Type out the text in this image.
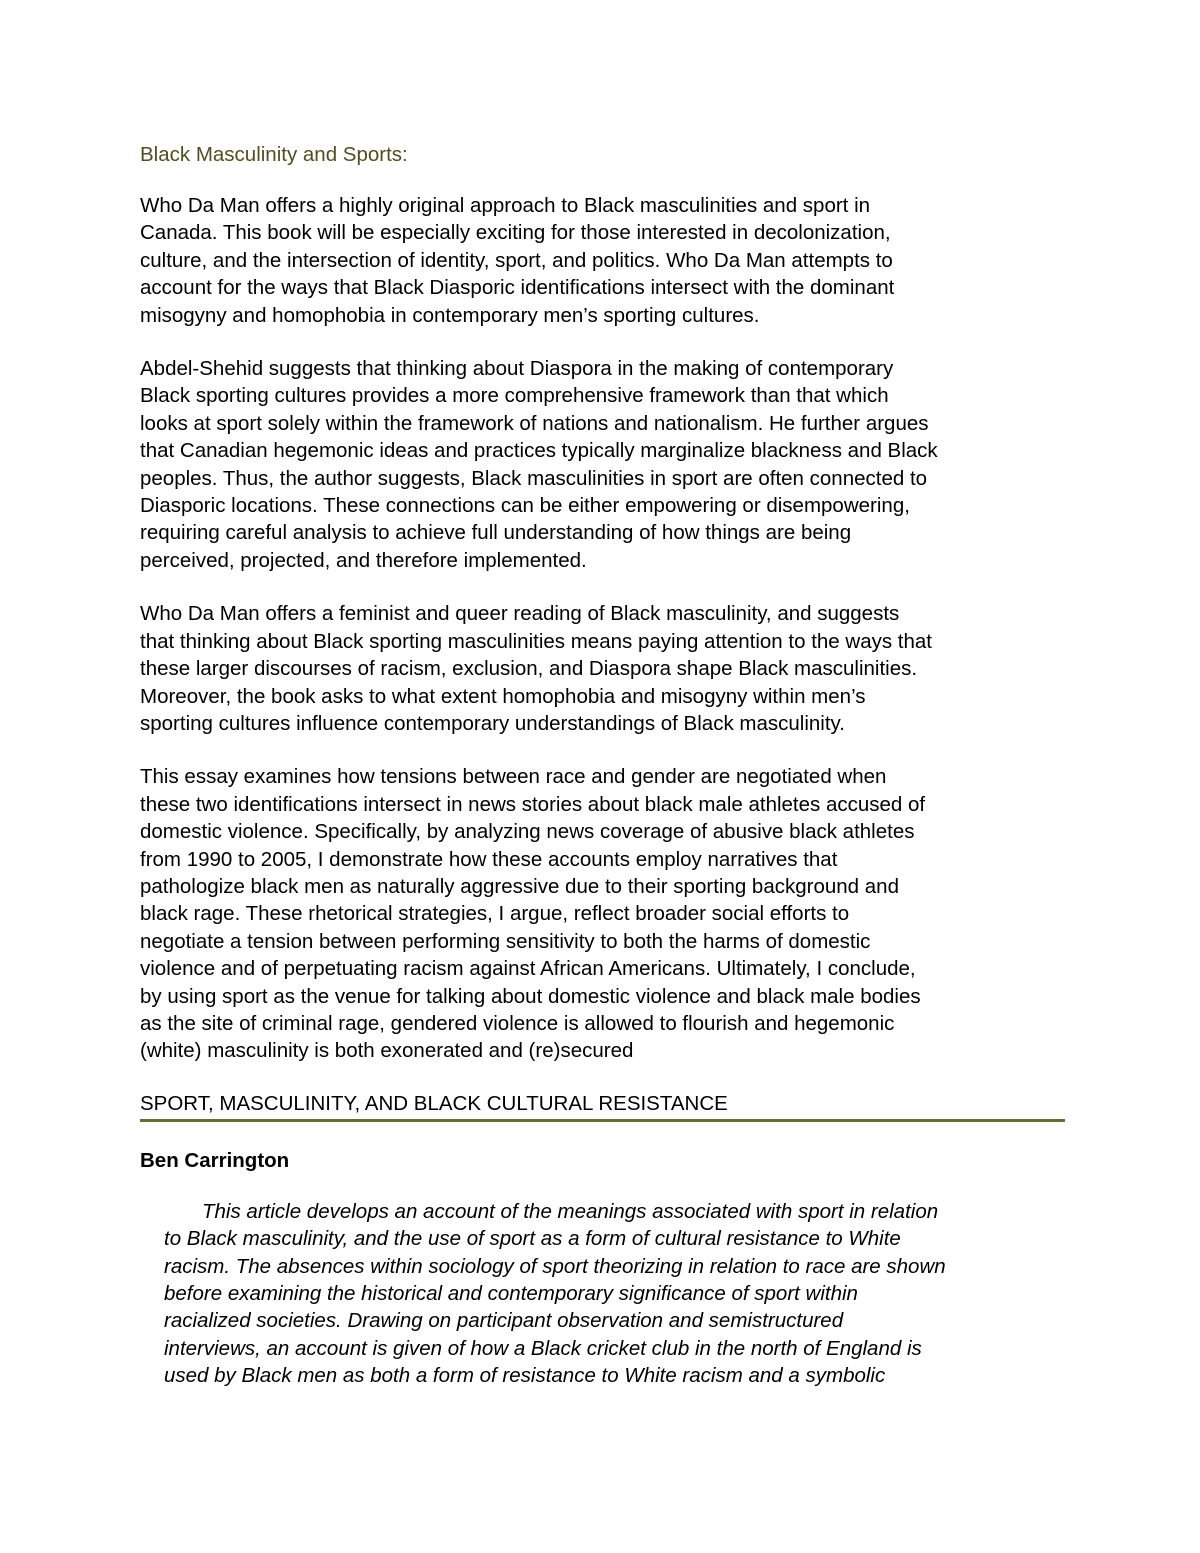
Black Masculinity and Sports:

Who Da Man offers a highly original approach to Black masculinities and sport in
Canada. This book will be especially exciting for those interested in decolonization,
culture, and the intersection of identity, sport, and politics. Who Da Man attempts to
account for the ways that Black Diasporic identifications intersect with the dominant
misogyny and homophobia in contemporary men’s sporting cultures.

Abdel-Shehid suggests that thinking about Diaspora in the making of contemporary
Black sporting cultures provides a more comprehensive framework than that which
looks at sport solely within the framework of nations and nationalism. He further argues
that Canadian hegemonic ideas and practices typically marginalize blackness and Black
peoples. Thus, the author suggests, Black masculinities in sport are often connected to
Diasporic locations. These connections can be either empowering or disempowering,
requiring careful analysis to achieve full understanding of how things are being
perceived, projected, and therefore implemented.

Who Da Man offers a feminist and queer reading of Black masculinity, and suggests
that thinking about Black sporting masculinities means paying attention to the ways that
these larger discourses of racism, exclusion, and Diaspora shape Black masculinities.
Moreover, the book asks to what extent homophobia and misogyny within men’s
sporting cultures influence contemporary understandings of Black masculinity.

This essay examines how tensions between race and gender are negotiated when
these two identifications intersect in news stories about black male athletes accused of
domestic violence. Specifically, by analyzing news coverage of abusive black athletes
from 1990 to 2005, I demonstrate how these accounts employ narratives that
pathologize black men as naturally aggressive due to their sporting background and
black rage. These rhetorical strategies, I argue, reflect broader social efforts to
negotiate a tension between performing sensitivity to both the harms of domestic
violence and of perpetuating racism against African Americans. Ultimately, I conclude,
by using sport as the venue for talking about domestic violence and black male bodies
as the site of criminal rage, gendered violence is allowed to flourish and hegemonic
(white) masculinity is both exonerated and (re)secured

SPORT, MASCULINITY, AND BLACK CULTURAL RESISTANCE
Ben Carrington

This article develops an account of the meanings associated with sport in relation
to Black masculinity, and the use of sport as a form of cultural resistance to White
racism. The absences within sociology of sport theorizing in relation to race are shown
before examining the historical and contemporary significance of sport within
racialized societies. Drawing on participant observation and semistructured
interviews, an account is given of how a Black cricket club in the north of England is
used by Black men as both a form of resistance to White racism and a symbolic
